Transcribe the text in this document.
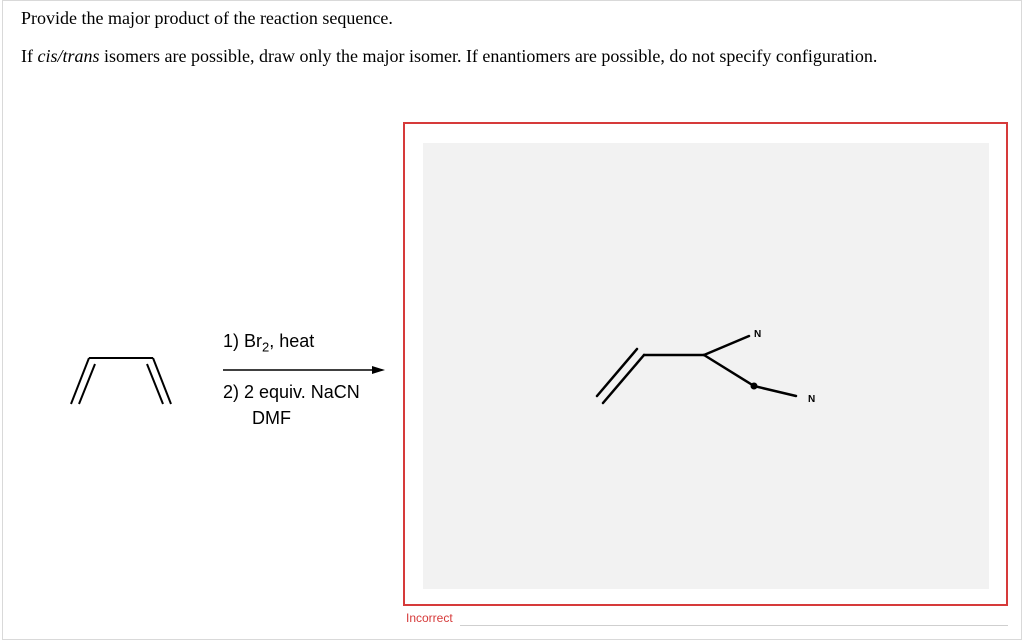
Provide the major product of the reaction sequence.
If cis/trans isomers are possible, draw only the major isomer. If enantiomers are possible, do not specify configuration.
1) $Br_2$, heat
2) 2 equiv. NaCN
DMF
N
N
Incorrect
